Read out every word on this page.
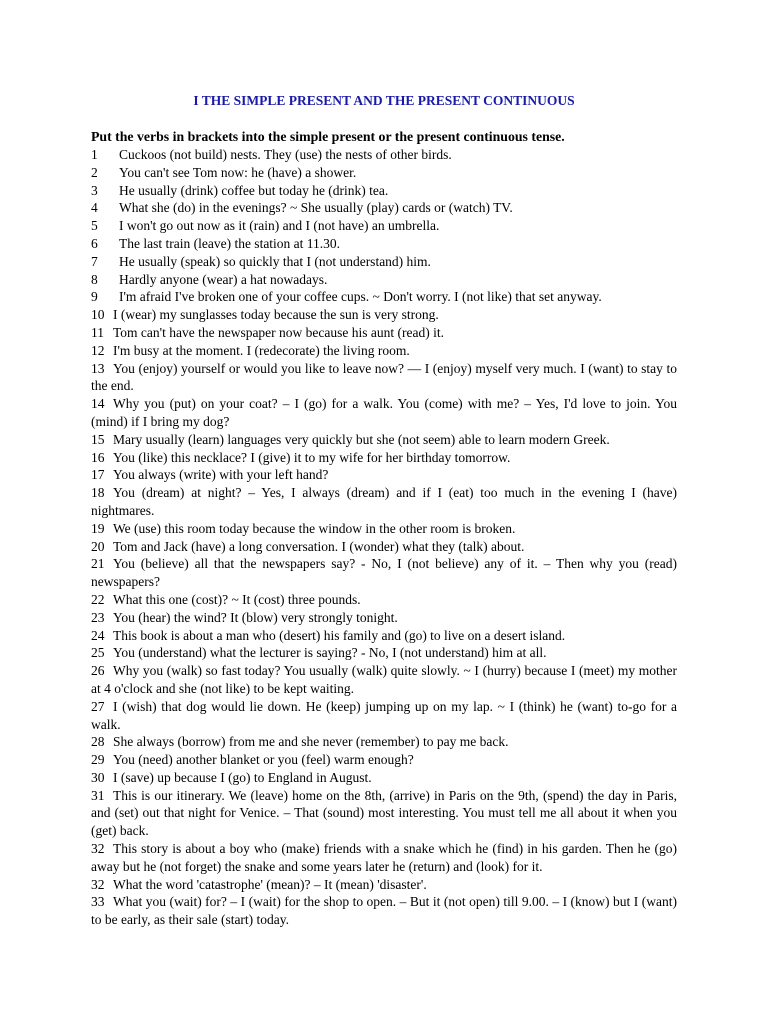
I THE SIMPLE PRESENT AND THE PRESENT CONTINUOUS
Put the verbs in brackets into the simple present or the present continuous tense.
1 Cuckoos (not build) nests. They (use) the nests of other birds.
2 You can't see Tom now: he (have) a shower.
3 He usually (drink) coffee but today he (drink) tea.
4 What she (do) in the evenings? ~ She usually (play) cards or (watch) TV.
5 I won't go out now as it (rain) and I (not have) an umbrella.
6 The last train (leave) the station at 11.30.
7 He usually (speak) so quickly that I (not understand) him.
8 Hardly anyone (wear) a hat nowadays.
9 I'm afraid I've broken one of your coffee cups. ~ Don't worry. I (not like) that set anyway.
10 I (wear) my sunglasses today because the sun is very strong.
11 Tom can't have the newspaper now because his aunt (read) it.
12 I'm busy at the moment. I (redecorate) the living room.
13 You (enjoy) yourself or would you like to leave now? — I (enjoy) myself very much. I (want) to stay to the end.
14 Why you (put) on your coat? – I (go) for a walk. You (come) with me? – Yes, I'd love to join. You (mind) if I bring my dog?
15 Mary usually (learn) languages very quickly but she (not seem) able to learn modern Greek.
16 You (like) this necklace? I (give) it to my wife for her birthday tomorrow.
17 You always (write) with your left hand?
18 You (dream) at night? – Yes, I always (dream) and if I (eat) too much in the evening I (have) nightmares.
19 We (use) this room today because the window in the other room is broken.
20 Tom and Jack (have) a long conversation. I (wonder) what they (talk) about.
21 You (believe) all that the newspapers say? - No, I (not believe) any of it. – Then why you (read) newspapers?
22 What this one (cost)? ~ It (cost) three pounds.
23 You (hear) the wind? It (blow) very strongly tonight.
24 This book is about a man who (desert) his family and (go) to live on a desert island.
25 You (understand) what the lecturer is saying? - No, I (not understand) him at all.
26 Why you (walk) so fast today? You usually (walk) quite slowly. ~ I (hurry) because I (meet) my mother at 4 o'clock and she (not like) to be kept waiting.
27 I (wish) that dog would lie down. He (keep) jumping up on my lap. ~ I (think) he (want) to-go for a walk.
28 She always (borrow) from me and she never (remember) to pay me back.
29 You (need) another blanket or you (feel) warm enough?
30 I (save) up because I (go) to England in August.
31 This is our itinerary. We (leave) home on the 8th, (arrive) in Paris on the 9th, (spend) the day in Paris, and (set) out that night for Venice. – That (sound) most interesting. You must tell me all about it when you (get) back.
32 This story is about a boy who (make) friends with a snake which he (find) in his garden. Then he (go) away but he (not forget) the snake and some years later he (return) and (look) for it.
32 What the word 'catastrophe' (mean)? – It (mean) 'disaster'.
33 What you (wait) for? – I (wait) for the shop to open. – But it (not open) till 9.00. – I (know) but I (want) to be early, as their sale (start) today.
